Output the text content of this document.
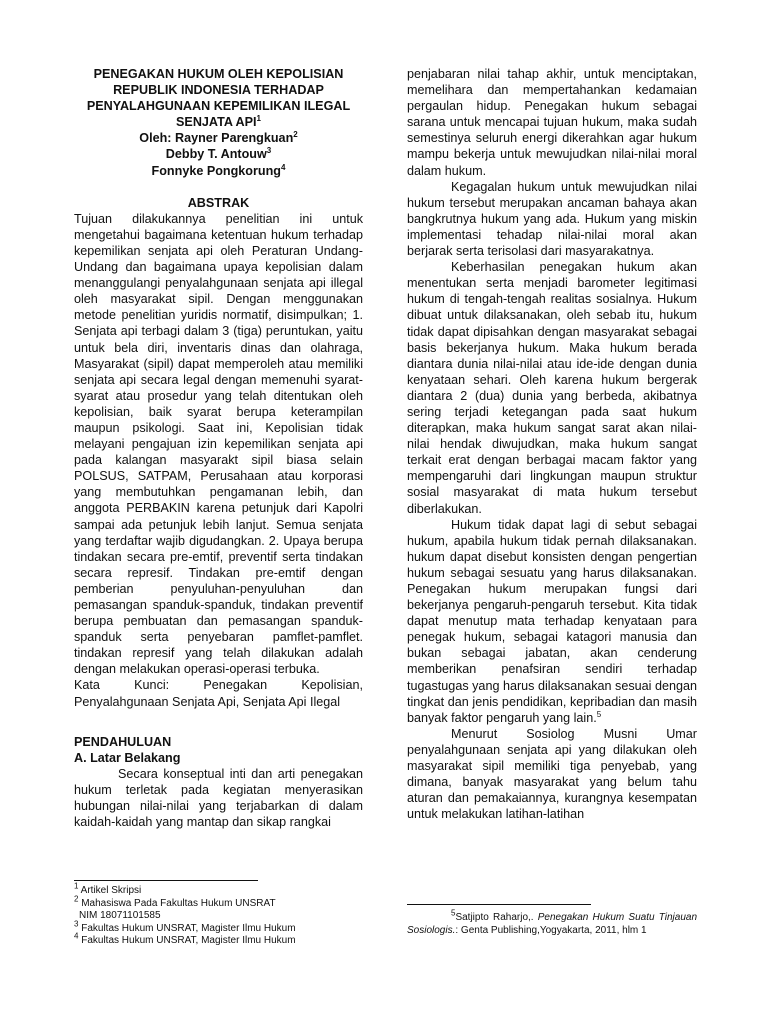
PENEGAKAN HUKUM OLEH KEPOLISIAN
REPUBLIK INDONESIA TERHADAP
PENYALAHGUNAAN KEPEMILIKAN ILEGAL
SENJATA API$^1$
Oleh: Rayner Parengkuan$^2$
Debby T. Antouw$^3$
Fonnyke Pongkorung$^4$
ABSTRAK

Tujuan dilakukannya penelitian ini untuk mengetahui bagaimana ketentuan hukum terhadap kepemilikan senjata api oleh Peraturan Undang-Undang dan bagaimana upaya kepolisian dalam menanggulangi penyalahgunaan senjata api illegal oleh masyarakat sipil. Dengan menggunakan metode penelitian yuridis normatif, disimpulkan; 1. Senjata api terbagi dalam 3 (tiga) peruntukan, yaitu untuk bela diri, inventaris dinas dan olahraga, Masyarakat (sipil) dapat memperoleh atau memiliki senjata api secara legal dengan memenuhi syarat-syarat atau prosedur yang telah ditentukan oleh kepolisian, baik syarat berupa keterampilan maupun psikologi. Saat ini, Kepolisian tidak melayani pengajuan izin kepemilikan senjata api pada kalangan masyarakt sipil biasa selain POLSUS, SATPAM, Perusahaan atau korporasi yang membutuhkan pengamanan lebih, dan anggota PERBAKIN karena petunjuk dari Kapolri sampai ada petunjuk lebih lanjut. Semua senjata yang terdaftar wajib digudangkan. 2. Upaya berupa tindakan secara pre-emtif, preventif serta tindakan secara represif. Tindakan pre-emtif dengan pemberian penyuluhan-penyuluhan dan pemasangan spanduk-spanduk, tindakan preventif berupa pembuatan dan pemasangan spanduk-spanduk serta penyebaran pamflet-pamflet. tindakan represif yang telah dilakukan adalah dengan melakukan operasi-operasi terbuka.

Kata Kunci: Penegakan Kepolisian, Penyalahgunaan Senjata Api, Senjata Api Ilegal

PENDAHULUAN
A. Latar Belakang

Secara konseptual inti dan arti penegakan hukum terletak pada kegiatan menyerasikan hubungan nilai-nilai yang terjabarkan di dalam kaidah-kaidah yang mantap dan sikap rangkai

$^1$ Artikel Skripsi
$^2$ Mahasiswa Pada Fakultas Hukum UNSRAT
NIM 18071101585
$^3$ Fakultas Hukum UNSRAT, Magister Ilmu Hukum
$^4$ Fakultas Hukum UNSRAT, Magister Ilmu Hukum

penjabaran nilai tahap akhir, untuk menciptakan, memelihara dan mempertahankan kedamaian pergaulan hidup. Penegakan hukum sebagai sarana untuk mencapai tujuan hukum, maka sudah semestinya seluruh energi dikerahkan agar hukum mampu bekerja untuk mewujudkan nilai-nilai moral dalam hukum.

Kegagalan hukum untuk mewujudkan nilai hukum tersebut merupakan ancaman bahaya akan bangkrutnya hukum yang ada. Hukum yang miskin implementasi tehadap nilai-nilai moral akan berjarak serta terisolasi dari masyarakatnya.

Keberhasilan penegakan hukum akan menentukan serta menjadi barometer legitimasi hukum di tengah-tengah realitas sosialnya. Hukum dibuat untuk dilaksanakan, oleh sebab itu, hukum tidak dapat dipisahkan dengan masyarakat sebagai basis bekerjanya hukum. Maka hukum berada diantara dunia nilai-nilai atau ide-ide dengan dunia kenyataan sehari. Oleh karena hukum bergerak diantara 2 (dua) dunia yang berbeda, akibatnya sering terjadi ketegangan pada saat hukum diterapkan, maka hukum sangat sarat akan nilai-nilai hendak diwujudkan, maka hukum sangat terkait erat dengan berbagai macam faktor yang mempengaruhi dari lingkungan maupun struktur sosial masyarakat di mata hukum tersebut diberlakukan.

Hukum tidak dapat lagi di sebut sebagai hukum, apabila hukum tidak pernah dilaksanakan. hukum dapat disebut konsisten dengan pengertian hukum sebagai sesuatu yang harus dilaksanakan. Penegakan hukum merupakan fungsi dari bekerjanya pengaruh-pengaruh tersebut. Kita tidak dapat menutup mata terhadap kenyataan para penegak hukum, sebagai katagori manusia dan bukan sebagai jabatan, akan cenderung memberikan penafsiran sendiri terhadap tugastugas yang harus dilaksanakan sesuai dengan tingkat dan jenis pendidikan, kepribadian dan masih banyak faktor pengaruh yang lain.$^5$

Menurut Sosiolog Musni Umar penyalahgunaan senjata api yang dilakukan oleh masyarakat sipil memiliki tiga penyebab, yang dimana, banyak masyarakat yang belum tahu aturan dan pemakaiannya, kurangnya kesempatan untuk melakukan latihan-latihan

$^5$Satjipto Raharjo,. Penegakan Hukum Suatu Tinjauan Sosiologis.: Genta Publishing,Yogyakarta, 2011, hlm 1
